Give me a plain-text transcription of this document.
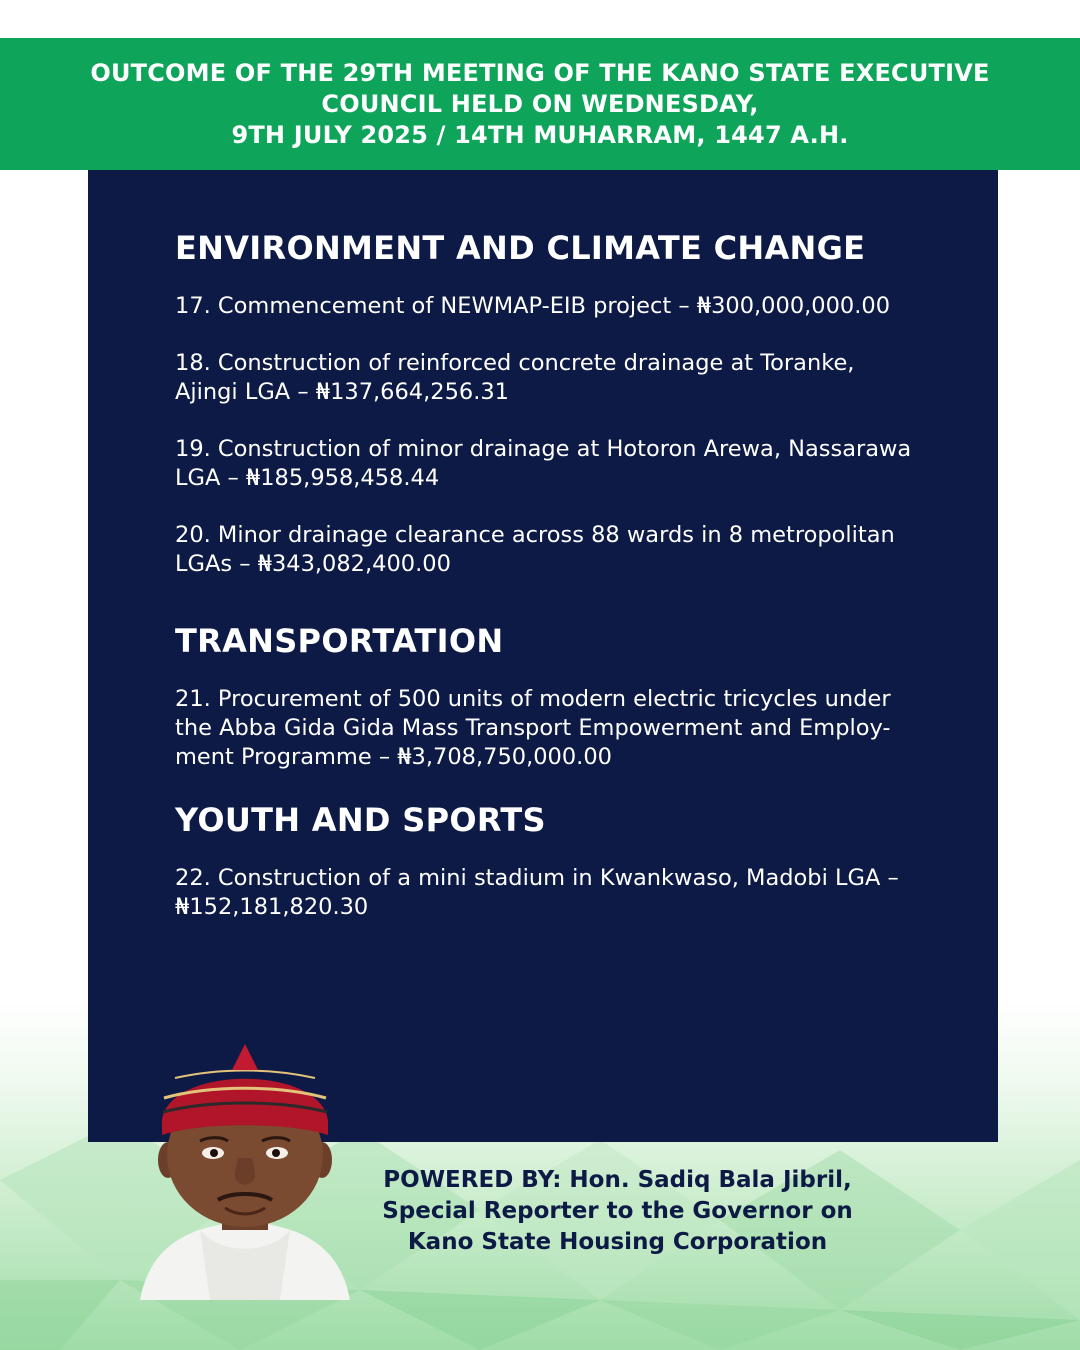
OUTCOME OF THE 29TH MEETING OF THE KANO STATE EXECUTIVE
COUNCIL HELD ON WEDNESDAY,
9TH JULY 2025 / 14TH MUHARRAM, 1447 A.H.
ENVIRONMENT AND CLIMATE CHANGE
17. Commencement of NEWMAP-EIB project – ₦300,000,000.00
18. Construction of reinforced concrete drainage at Toranke,
Ajingi LGA – ₦137,664,256.31
19. Construction of minor drainage at Hotoron Arewa, Nassarawa
LGA – ₦185,958,458.44
20. Minor drainage clearance across 88 wards in 8 metropolitan
LGAs – ₦343,082,400.00
TRANSPORTATION
21. Procurement of 500 units of modern electric tricycles under
the Abba Gida Gida Mass Transport Empowerment and Employ-
ment Programme – ₦3,708,750,000.00
YOUTH AND SPORTS
22. Construction of a mini stadium in Kwankwaso, Madobi LGA –
₦152,181,820.30
POWERED BY: Hon. Sadiq Bala Jibril,
Special Reporter to the Governor on
Kano State Housing Corporation
